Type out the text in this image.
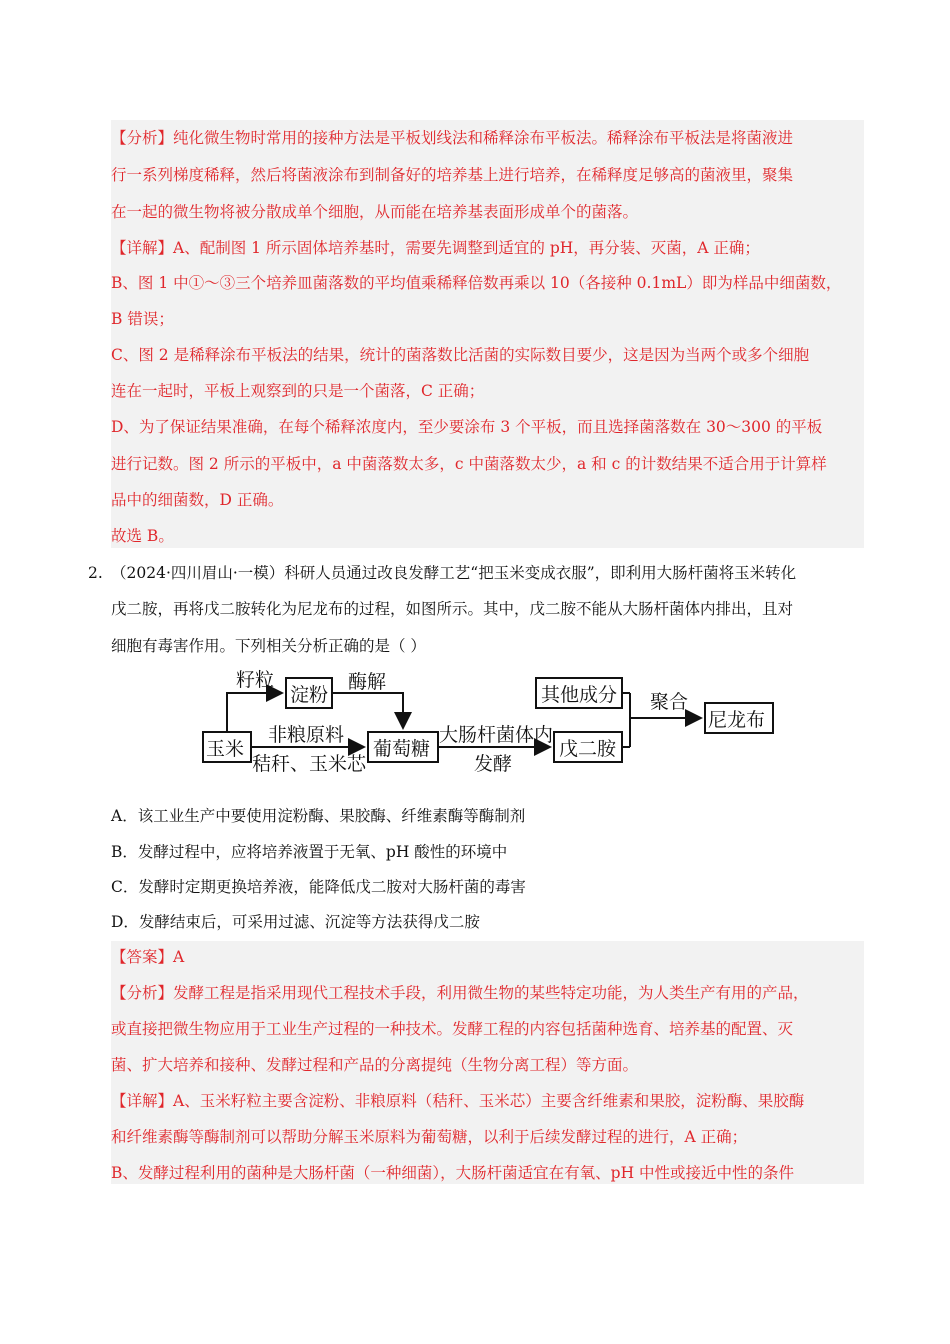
【分析】纯化微生物时常用的接种方法是平板划线法和稀释涂布平板法。稀释涂布平板法是将菌液进
行一系列梯度稀释，然后将菌液涂布到制备好的培养基上进行培养，在稀释度足够高的菌液里，聚集
在一起的微生物将被分散成单个细胞，从而能在培养基表面形成单个的菌落。
【详解】A、配制图 1 所示固体培养基时，需要先调整到适宜的 pH，再分装、灭菌，A 正确；
B、图 1 中①～③三个培养皿菌落数的平均值乘稀释倍数再乘以 10（各接种 0.1mL）即为样品中细菌数，
B 错误；
C、图 2 是稀释涂布平板法的结果，统计的菌落数比活菌的实际数目要少，这是因为当两个或多个细胞
连在一起时，平板上观察到的只是一个菌落，C 正确；
D、为了保证结果准确，在每个稀释浓度内，至少要涂布 3 个平板，而且选择菌落数在 30～300 的平板
进行记数。图 2 所示的平板中，a 中菌落数太多，c 中菌落数太少，a 和 c 的计数结果不适合用于计算样
品中的细菌数，D 正确。
故选 B。
2. （2024·四川眉山·一模）科研人员通过改良发酵工艺“把玉米变成衣服”，即利用大肠杆菌将玉米转化
戊二胺，再将戊二胺转化为尼龙布的过程，如图所示。其中，戊二胺不能从大肠杆菌体内排出，且对
细胞有毒害作用。下列相关分析正确的是（ ）
玉米
淀粉
葡萄糖
其他成分
戊二胺
尼龙布
籽粒	酶解
非粮原料
秸秆、玉米芯
大肠杆菌体内
发酵
聚合
A．该工业生产中要使用淀粉酶、果胶酶、纤维素酶等酶制剂
B．发酵过程中，应将培养液置于无氧、pH 酸性的环境中
C．发酵时定期更换培养液，能降低戊二胺对大肠杆菌的毒害
D．发酵结束后，可采用过滤、沉淀等方法获得戊二胺
【答案】A
【分析】发酵工程是指采用现代工程技术手段，利用微生物的某些特定功能，为人类生产有用的产品，
或直接把微生物应用于工业生产过程的一种技术。发酵工程的内容包括菌种选育、培养基的配置、灭
菌、扩大培养和接种、发酵过程和产品的分离提纯（生物分离工程）等方面。
【详解】A、玉米籽粒主要含淀粉、非粮原料（秸秆、玉米芯）主要含纤维素和果胶，淀粉酶、果胶酶
和纤维素酶等酶制剂可以帮助分解玉米原料为葡萄糖，以利于后续发酵过程的进行，A 正确；
B、发酵过程利用的菌种是大肠杆菌（一种细菌），大肠杆菌适宜在有氧、pH 中性或接近中性的条件
